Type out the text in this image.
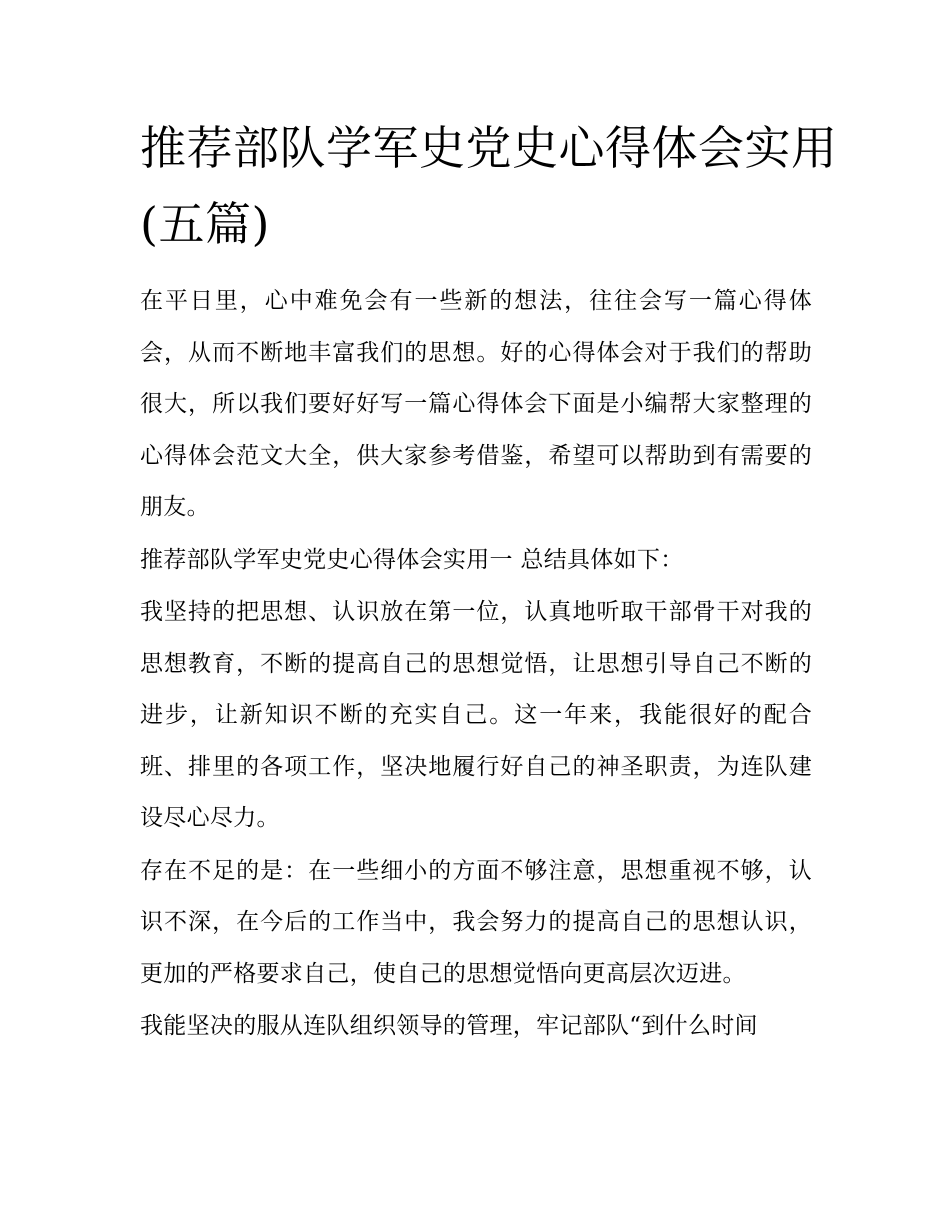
推荐部队学军史党史心得体会实用(五篇)

在平日里，心中难免会有一些新的想法，往往会写一篇心得体会，从而不断地丰富我们的思想。好的心得体会对于我们的帮助很大，所以我们要好好写一篇心得体会下面是小编帮大家整理的心得体会范文大全，供大家参考借鉴，希望可以帮助到有需要的朋友。

推荐部队学军史党史心得体会实用一 总结具体如下：

我坚持的把思想、认识放在第一位，认真地听取干部骨干对我的思想教育，不断的提高自己的思想觉悟，让思想引导自己不断的进步，让新知识不断的充实自己。这一年来，我能很好的配合班、排里的各项工作，坚决地履行好自己的神圣职责，为连队建设尽心尽力。

存在不足的是：在一些细小的方面不够注意，思想重视不够，认识不深，在今后的工作当中，我会努力的提高自己的思想认识，更加的严格要求自己，使自己的思想觉悟向更高层次迈进。

我能坚决的服从连队组织领导的管理，牢记部队“到什么时间
